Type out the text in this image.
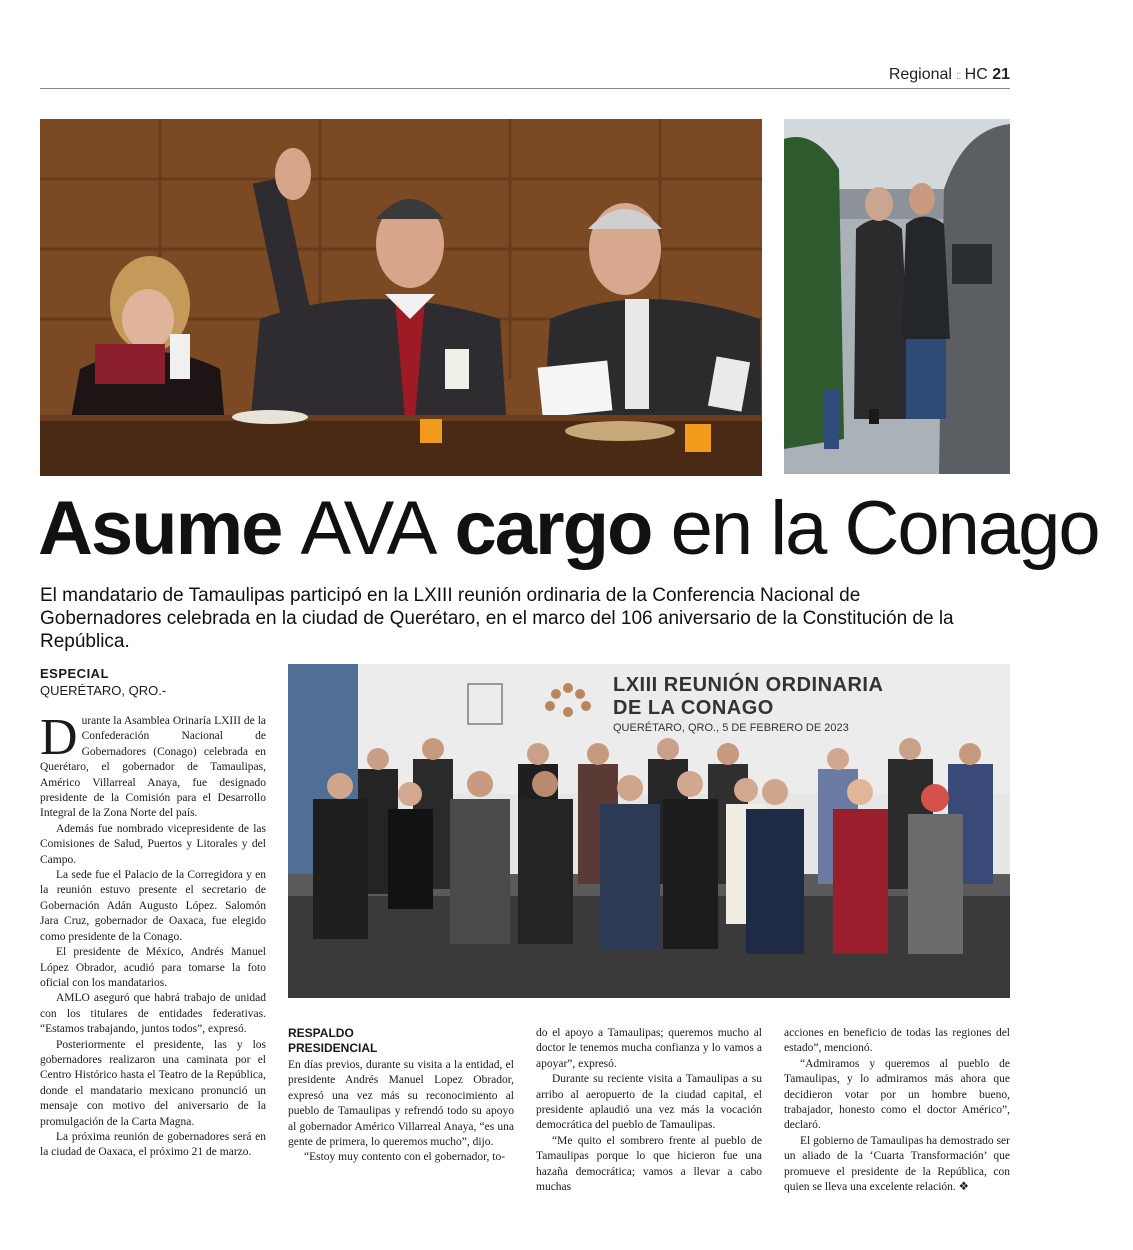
Regional :: HC 21
Asume AVA cargo en la Conago

El mandatario de Tamaulipas participó en la LXIII reunión ordinaria de la Conferencia Nacional de Gobernadores celebrada en la ciudad de Querétaro, en el marco del 106 aniversario de la Constitución de la República.

ESPECIAL
QUERÉTARO, QRO.-	LXIII REUNIÓN ORDINARIA
DE LA CONAGO
QUERÉTARO, QRO., 5 DE FEBRERO DE 2023

Durante la Asamblea Orinaría LXIII de la Confederación Nacional de Gobernadores (Conago) celebrada en Querétaro, el gobernador de Tamaulipas, Américo Villarreal Anaya, fue designado presidente de la Comisión para el Desarrollo Integral de la Zona Norte del país.

Además fue nombrado vicepresidente de las Comisiones de Salud, Puertos y Litorales y del Campo.

La sede fue el Palacio de la Corregidora y en la reunión estuvo presente el secretario de Gobernación Adán Augusto López. Salomón Jara Cruz, gobernador de Oaxaca, fue elegido como presidente de la Conago.

El presidente de México, Andrés Manuel López Obrador, acudió para tomarse la foto oficial con los mandatarios.

AMLO aseguró que habrá trabajo de unidad con los titulares de entidades federativas. “Estamos trabajando, juntos todos”, expresó.

Posteriormente el presidente, las y los gobernadores realizaron una caminata por el Centro Histórico hasta el Teatro de la República, donde el mandatario mexicano pronunció un mensaje con motivo del aniversario de la promulgación de la Carta Magna.

La próxima reunión de gobernadores será en la ciudad de Oaxaca, el próximo 21 de marzo.

RESPALDO
PRESIDENCIAL

En días previos, durante su visita a la entidad, el presidente Andrés Manuel Lopez Obrador, expresó una vez más su reconocimiento al pueblo de Tamaulipas y refrendó todo su apoyo al gobernador Américo Villarreal Anaya, “es una gente de primera, lo queremos mucho”, dijo.

“Estoy muy contento con el gobernador, to-

do el apoyo a Tamaulipas; queremos mucho al doctor le tenemos mucha confianza y lo vamos a apoyar”, expresó.

Durante su reciente visita a Tamaulipas a su arribo al aeropuerto de la ciudad capital, el presidente aplaudió una vez más la vocación democrática del pueblo de Tamaulipas.

“Me quito el sombrero frente al pueblo de Tamaulipas porque lo que hicieron fue una hazaña democrática; vamos a llevar a cabo muchas

acciones en beneficio de todas las regiones del estado”, mencionó.

“Admiramos y queremos al pueblo de Tamaulipas, y lo admiramos más ahora que decidieron votar por un hombre bueno, trabajador, honesto como el doctor Américo”, declaró.

El gobierno de Tamaulipas ha demostrado ser un aliado de la ‘Cuarta Transformación’ que promueve el presidente de la República, con quien se lleva una excelente relación. ❖
